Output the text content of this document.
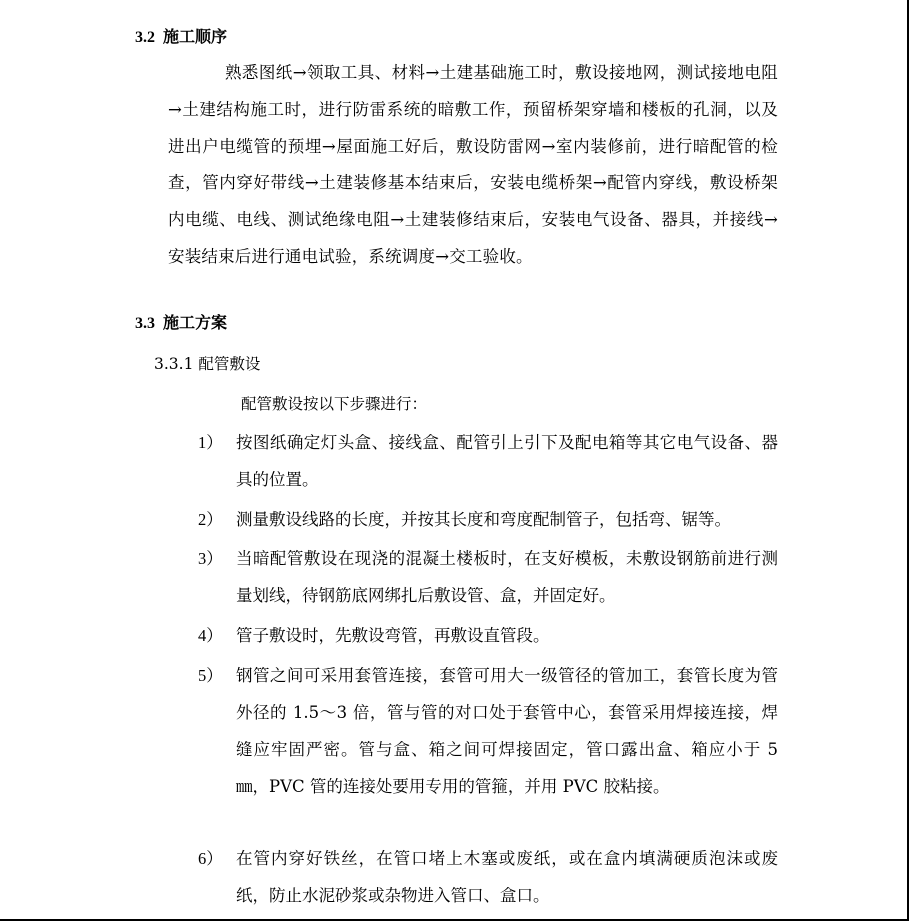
3.2 施工顺序
熟悉图纸→领取工具、材料→土建基础施工时，敷设接地网，测试接地电阻→土建结构施工时，进行防雷系统的暗敷工作，预留桥架穿墙和楼板的孔洞，以及进出户电缆管的预埋→屋面施工好后，敷设防雷网→室内装修前，进行暗配管的检查，管内穿好带线→土建装修基本结束后，安装电缆桥架→配管内穿线，敷设桥架内电缆、电线、测试绝缘电阻→土建装修结束后，安装电气设备、器具，并接线→安装结束后进行通电试验，系统调度→交工验收。
3.3 施工方案
3.3.1 配管敷设
配管敷设按以下步骤进行：
1） 按图纸确定灯头盒、接线盒、配管引上引下及配电箱等其它电气设备、器具的位置。
2） 测量敷设线路的长度，并按其长度和弯度配制管子，包括弯、锯等。
3） 当暗配管敷设在现浇的混凝土楼板时，在支好模板，未敷设钢筋前进行测量划线，待钢筋底网绑扎后敷设管、盒，并固定好。
4） 管子敷设时，先敷设弯管，再敷设直管段。
5） 钢管之间可采用套管连接，套管可用大一级管径的管加工，套管长度为管外径的 1.5～3 倍，管与管的对口处于套管中心，套管采用焊接连接，焊缝应牢固严密。管与盒、箱之间可焊接固定，管口露出盒、箱应小于 5 ㎜，PVC 管的连接处要用专用的管箍，并用 PVC 胶粘接。
6） 在管内穿好铁丝，在管口堵上木塞或废纸，或在盒内填满硬质泡沫或废纸，防止水泥砂浆或杂物进入管口、盒口。
